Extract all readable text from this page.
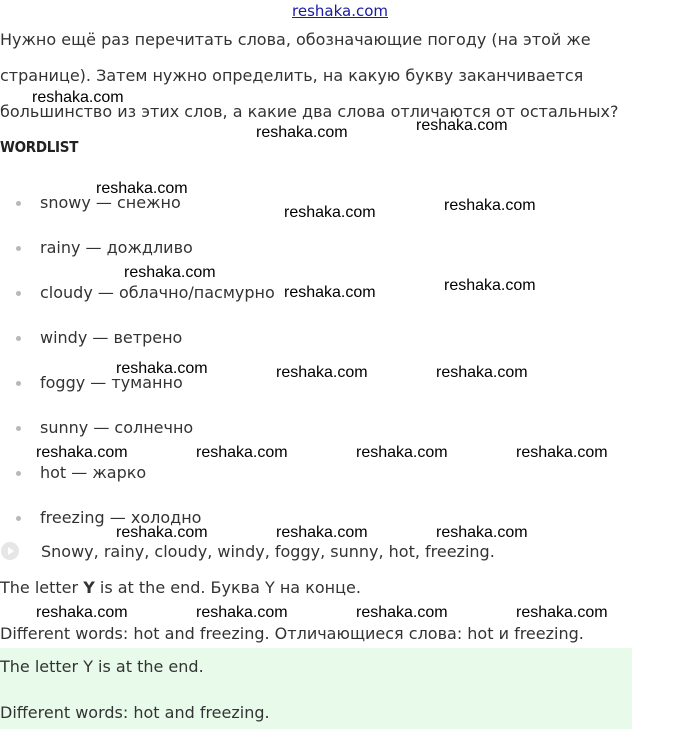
reshaka.com
Нужно ещё раз перечитать слова, обозначающие погоду (на этой же
странице). Затем нужно определить, на какую букву заканчивается
большинство из этих слов, а какие два слова отличаются от остальных?
WORDLIST
snowy — снежно
rainy — дождливо
cloudy — облачно/пасмурно
windy — ветрено
foggy — туманно
sunny — солнечно
hot — жарко
freezing — холодно
Snowy, rainy, cloudy, windy, foggy, sunny, hot, freezing.
The letter Y is at the end. Буква Y на конце.
Different words: hot and freezing. Отличающиеся слова: hot и freezing.
The letter Y is at the end.
Different words: hot and freezing.
reshaka.com
reshaka.com	reshaka.com
reshaka.com
reshaka.com	reshaka.com
reshaka.com
reshaka.com	reshaka.com
reshaka.com	reshaka.com	reshaka.com
reshaka.com	reshaka.com	reshaka.com	reshaka.com
reshaka.com	reshaka.com	reshaka.com
reshaka.com	reshaka.com	reshaka.com	reshaka.com
